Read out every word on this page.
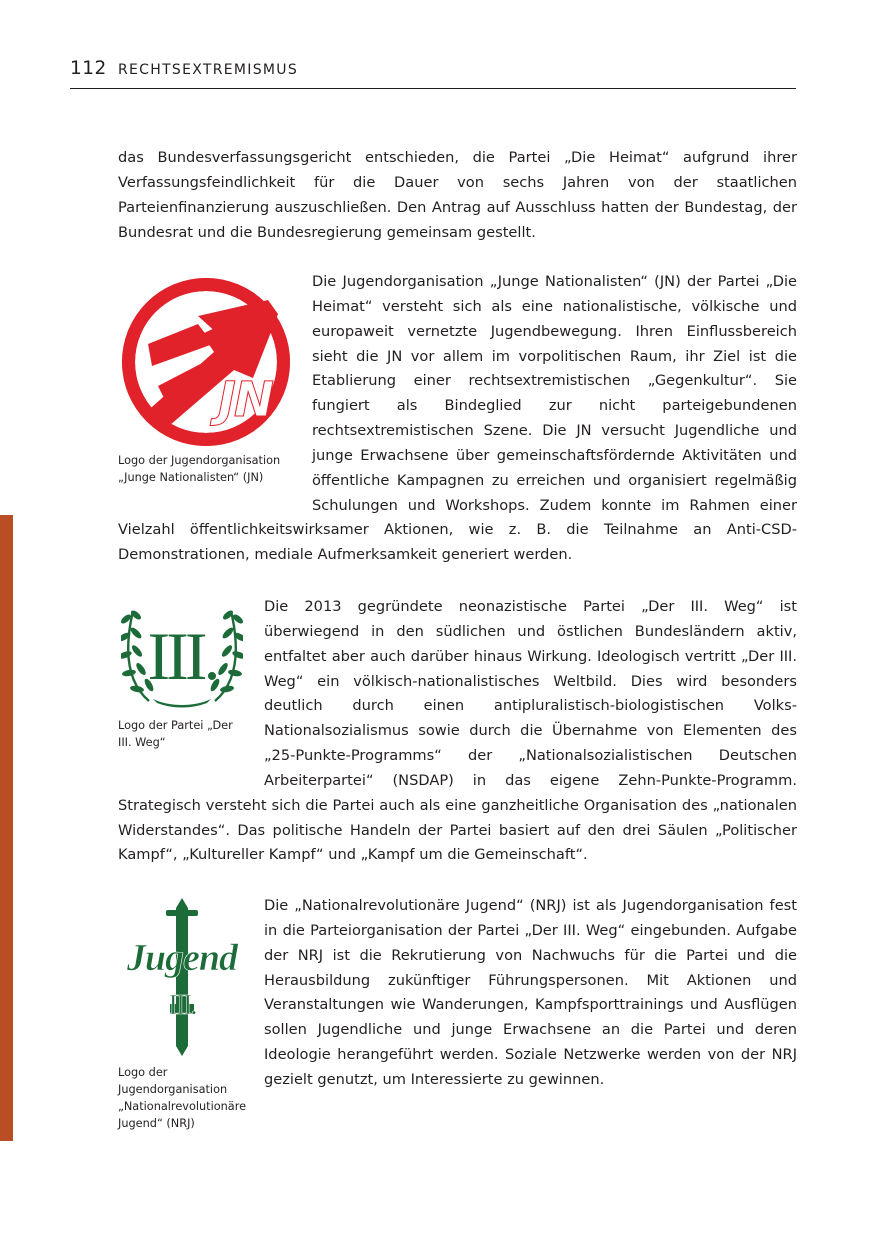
112 RECHTSEXTREMISMUS

das Bundesverfassungsgericht entschieden, die Partei „Die Heimat“ aufgrund ihrer Verfassungsfeindlichkeit für die Dauer von sechs Jahren von der staatlichen Parteienfinanzierung auszuschließen. Den Antrag auf Ausschluss hatten der Bundestag, der Bundesrat und die Bundesregierung gemeinsam gestellt.

JN

Logo der Jugendorganisation „Junge Nationalisten“ (JN)

Die Jugendorganisation „Junge Nationalisten“ (JN) der Partei „Die Heimat“ versteht sich als eine nationalistische, völkische und europaweit vernetzte Jugendbewegung. Ihren Einflussbereich sieht die JN vor allem im vorpolitischen Raum, ihr Ziel ist die Etablierung einer rechtsextremistischen „Gegenkultur“. Sie fungiert als Bindeglied zur nicht parteigebundenen rechtsextremistischen Szene. Die JN versucht Jugendliche und junge Erwachsene über gemeinschaftsfördernde Aktivitäten und öffentliche Kampagnen zu erreichen und organisiert regelmäßig Schulungen und Workshops. Zudem konnte im Rahmen einer Vielzahl öffentlichkeitswirksamer Aktionen, wie z. B. die Teilnahme an Anti-CSD-Demonstrationen, mediale Aufmerksamkeit generiert werden.
III.

Logo der Partei „Der III. Weg“

Die 2013 gegründete neonazistische Partei „Der III. Weg“ ist überwiegend in den südlichen und östlichen Bundesländern aktiv, entfaltet aber auch darüber hinaus Wirkung. Ideologisch vertritt „Der III. Weg“ ein völkisch-nationalistisches Weltbild. Dies wird besonders deutlich durch einen antipluralistisch-biologistischen Volks-Nationalsozialismus sowie durch die Übernahme von Elementen des „25-Punkte-Programms“ der „Nationalsozialistischen Deutschen Arbeiterpartei“ (NSDAP) in das eigene Zehn-Punkte-Programm. Strategisch versteht sich die Partei auch als eine ganzheitliche Organisation des „nationalen Widerstandes“. Das politische Handeln der Partei basiert auf den drei Säulen „Politischer Kampf“, „Kultureller Kampf“ und „Kampf um die Gemeinschaft“.
Jugend
III.

Logo der Jugendorganisation „Nationalrevolutionäre Jugend“ (NRJ)

Die „Nationalrevolutionäre Jugend“ (NRJ) ist als Jugendorganisation fest in die Parteiorganisation der Partei „Der III. Weg“ eingebunden. Aufgabe der NRJ ist die Rekrutierung von Nachwuchs für die Partei und die Herausbildung zukünftiger Führungspersonen. Mit Aktionen und Veranstaltungen wie Wanderungen, Kampfsporttrainings und Ausflügen sollen Jugendliche und junge Erwachsene an die Partei und deren Ideologie herangeführt werden. Soziale Netzwerke werden von der NRJ gezielt genutzt, um Interessierte zu gewinnen.
